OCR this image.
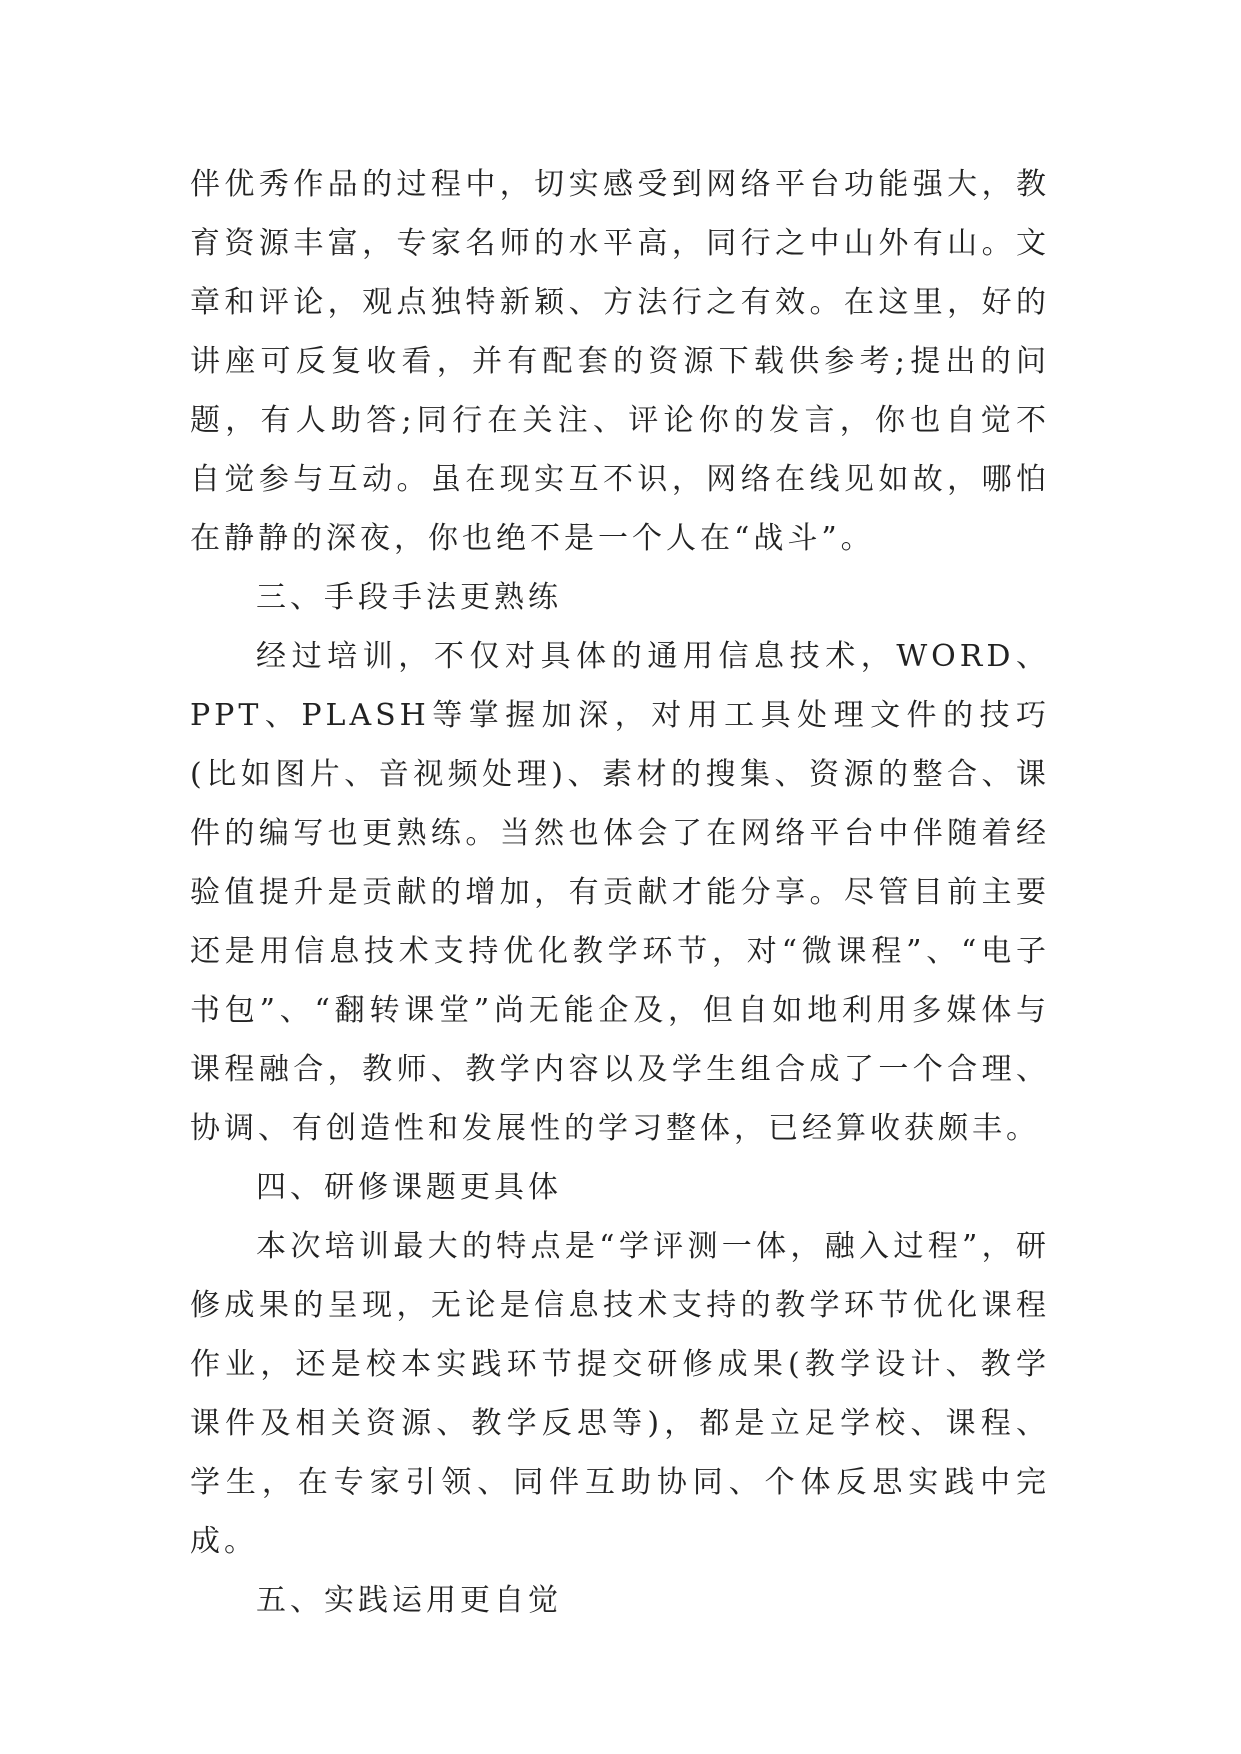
伴优秀作品的过程中，切实感受到网络平台功能强大，教育资源丰富，专家名师的水平高，同行之中山外有山。文章和评论，观点独特新颖、方法行之有效。在这里，好的讲座可反复收看，并有配套的资源下载供参考;提出的问题，有人助答;同行在关注、评论你的发言，你也自觉不自觉参与互动。虽在现实互不识，网络在线见如故，哪怕在静静的深夜，你也绝不是一个人在“战斗”。

三、手段手法更熟练

经过培训，不仅对具体的通用信息技术，WORD、PPT、PLASH等掌握加深，对用工具处理文件的技巧(比如图片、音视频处理)、素材的搜集、资源的整合、课件的编写也更熟练。当然也体会了在网络平台中伴随着经验值提升是贡献的增加，有贡献才能分享。尽管目前主要还是用信息技术支持优化教学环节，对“微课程”、“电子书包”、“翻转课堂”尚无能企及，但自如地利用多媒体与课程融合，教师、教学内容以及学生组合成了一个合理、协调、有创造性和发展性的学习整体，已经算收获颇丰。

四、研修课题更具体

本次培训最大的特点是“学评测一体，融入过程”，研修成果的呈现，无论是信息技术支持的教学环节优化课程作业，还是校本实践环节提交研修成果(教学设计、教学课件及相关资源、教学反思等)，都是立足学校、课程、学生，在专家引领、同伴互助协同、个体反思实践中完成。

五、实践运用更自觉
